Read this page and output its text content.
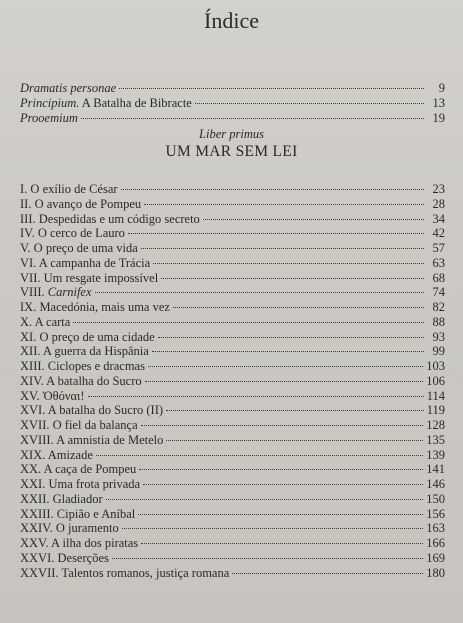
Índice
Dramatis personae	9
Principium. A Batalha de Bibracte	13
Prooemium	19
Liber primus
UM MAR SEM LEI
I. O exílio de César	23
II. O avanço de Pompeu	28
III. Despedidas e um código secreto	34
IV. O cerco de Lauro	42
V. O preço de uma vida	57
VI. A campanha de Trácia	63
VII. Um resgate impossível	68
VIII. Carnifex	74
IX. Macedónia, mais uma vez	82
X. A carta	88
XI. O preço de uma cidade	93
XII. A guerra da Hispânia	99
XIII. Ciclopes e dracmas	103
XIV. A batalha do Sucro	106
XV. Ὀθόναι!	114
XVI. A batalha do Sucro (II)	119
XVII. O fiel da balança	128
XVIII. A amnistia de Metelo	135
XIX. Amizade	139
XX. A caça de Pompeu	141
XXI. Uma frota privada	146
XXII. Gladiador	150
XXIII. Cipião e Aníbal	156
XXIV. O juramento	163
XXV. A ilha dos piratas	166
XXVI. Deserções	169
XXVII. Talentos romanos, justiça romana	180
